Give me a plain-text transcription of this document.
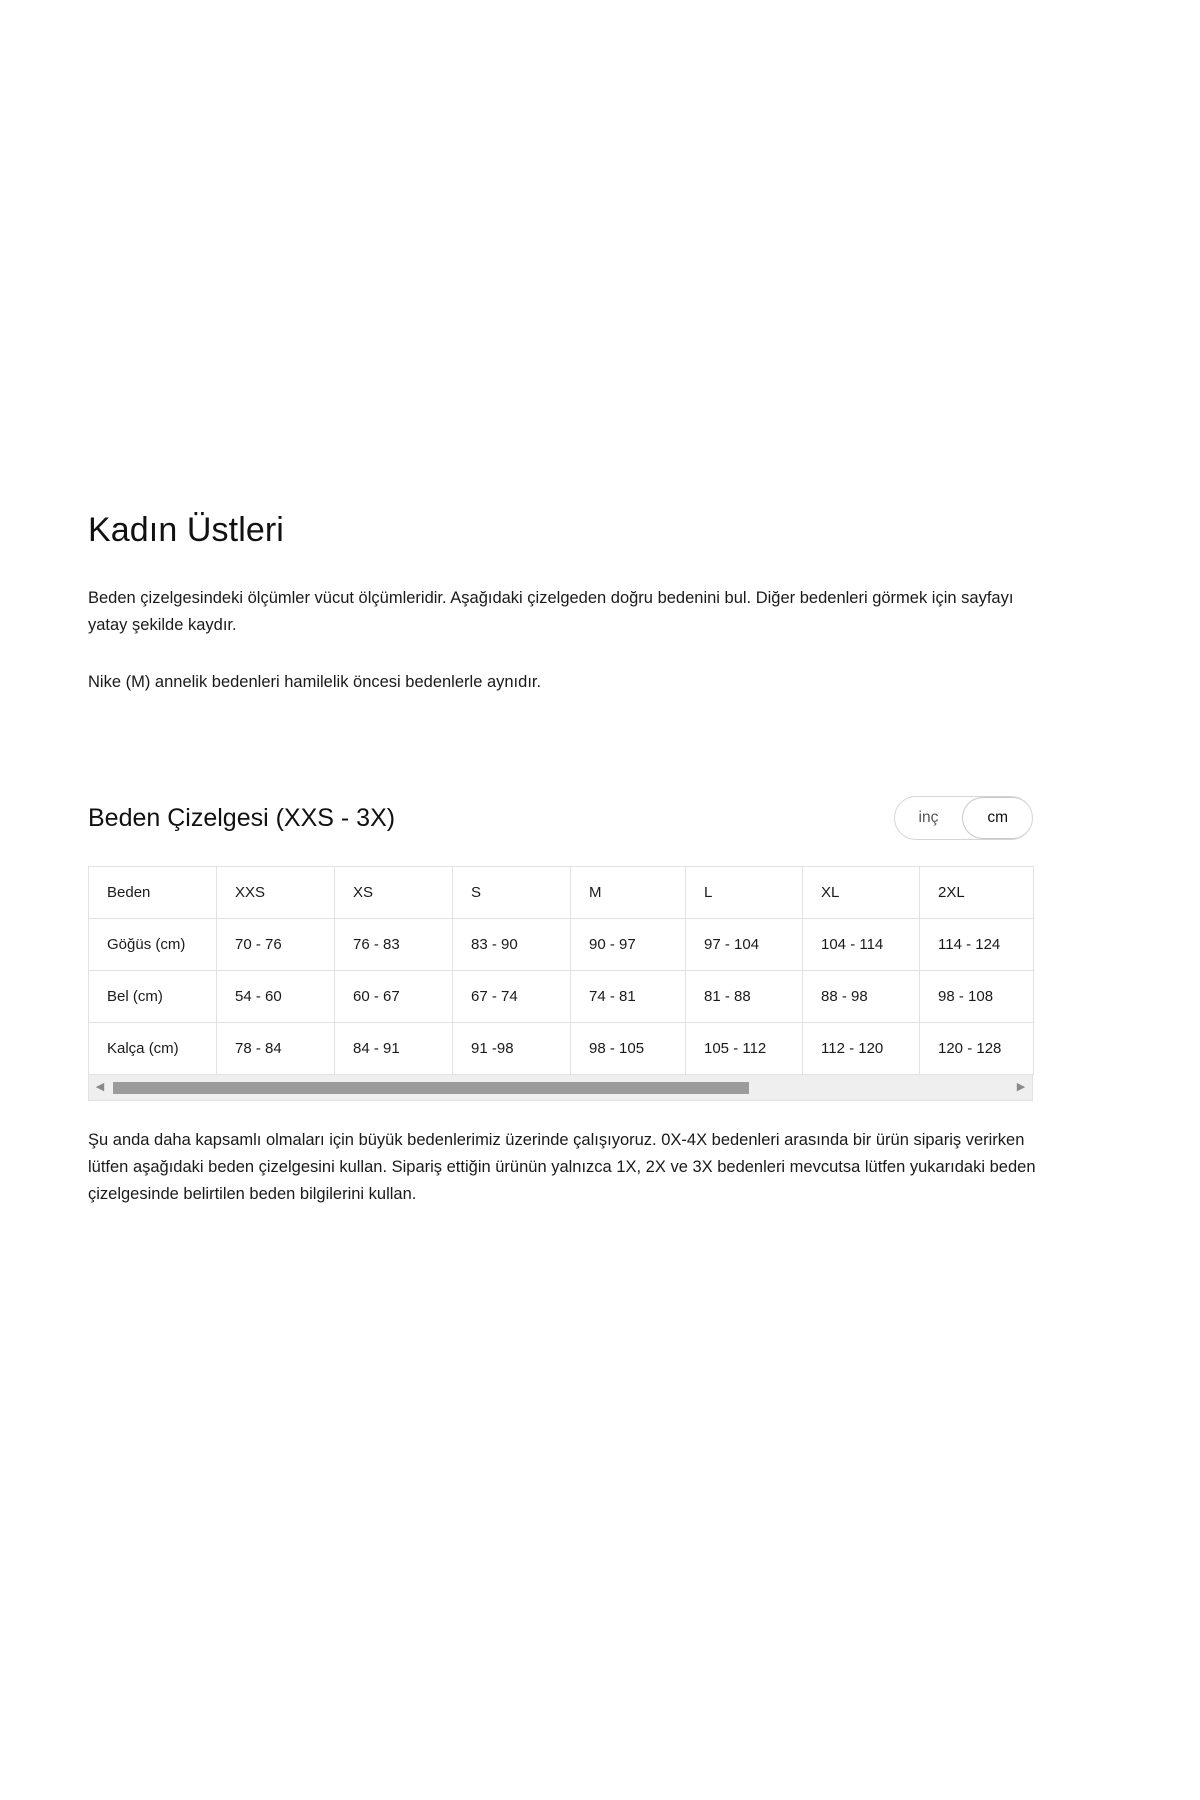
Kadın Üstleri

Beden çizelgesindeki ölçümler vücut ölçümleridir. Aşağıdaki çizelgeden doğru bedenini bul. Diğer bedenleri görmek için sayfayı yatay şekilde kaydır.

Nike (M) annelik bedenleri hamilelik öncesi bedenlerle aynıdır.

Beden Çizelgesi (XXS - 3X)	inç	cm
Beden	XXS	XS	S	M	L	XL	2XL
Göğüs (cm)	70 - 76	76 - 83	83 - 90	90 - 97	97 - 104	104 - 114	114 - 124
Bel (cm)	54 - 60	60 - 67	67 - 74	74 - 81	81 - 88	88 - 98	98 - 108
Kalça (cm)	78 - 84	84 - 91	91 -98	98 - 105	105 - 112	112 - 120	120 - 128
◀	▶

Şu anda daha kapsamlı olmaları için büyük bedenlerimiz üzerinde çalışıyoruz. 0X-4X bedenleri arasında bir ürün sipariş verirken lütfen aşağıdaki beden çizelgesini kullan. Sipariş ettiğin ürünün yalnızca 1X, 2X ve 3X bedenleri mevcutsa lütfen yukarıdaki beden çizelgesinde belirtilen beden bilgilerini kullan.
